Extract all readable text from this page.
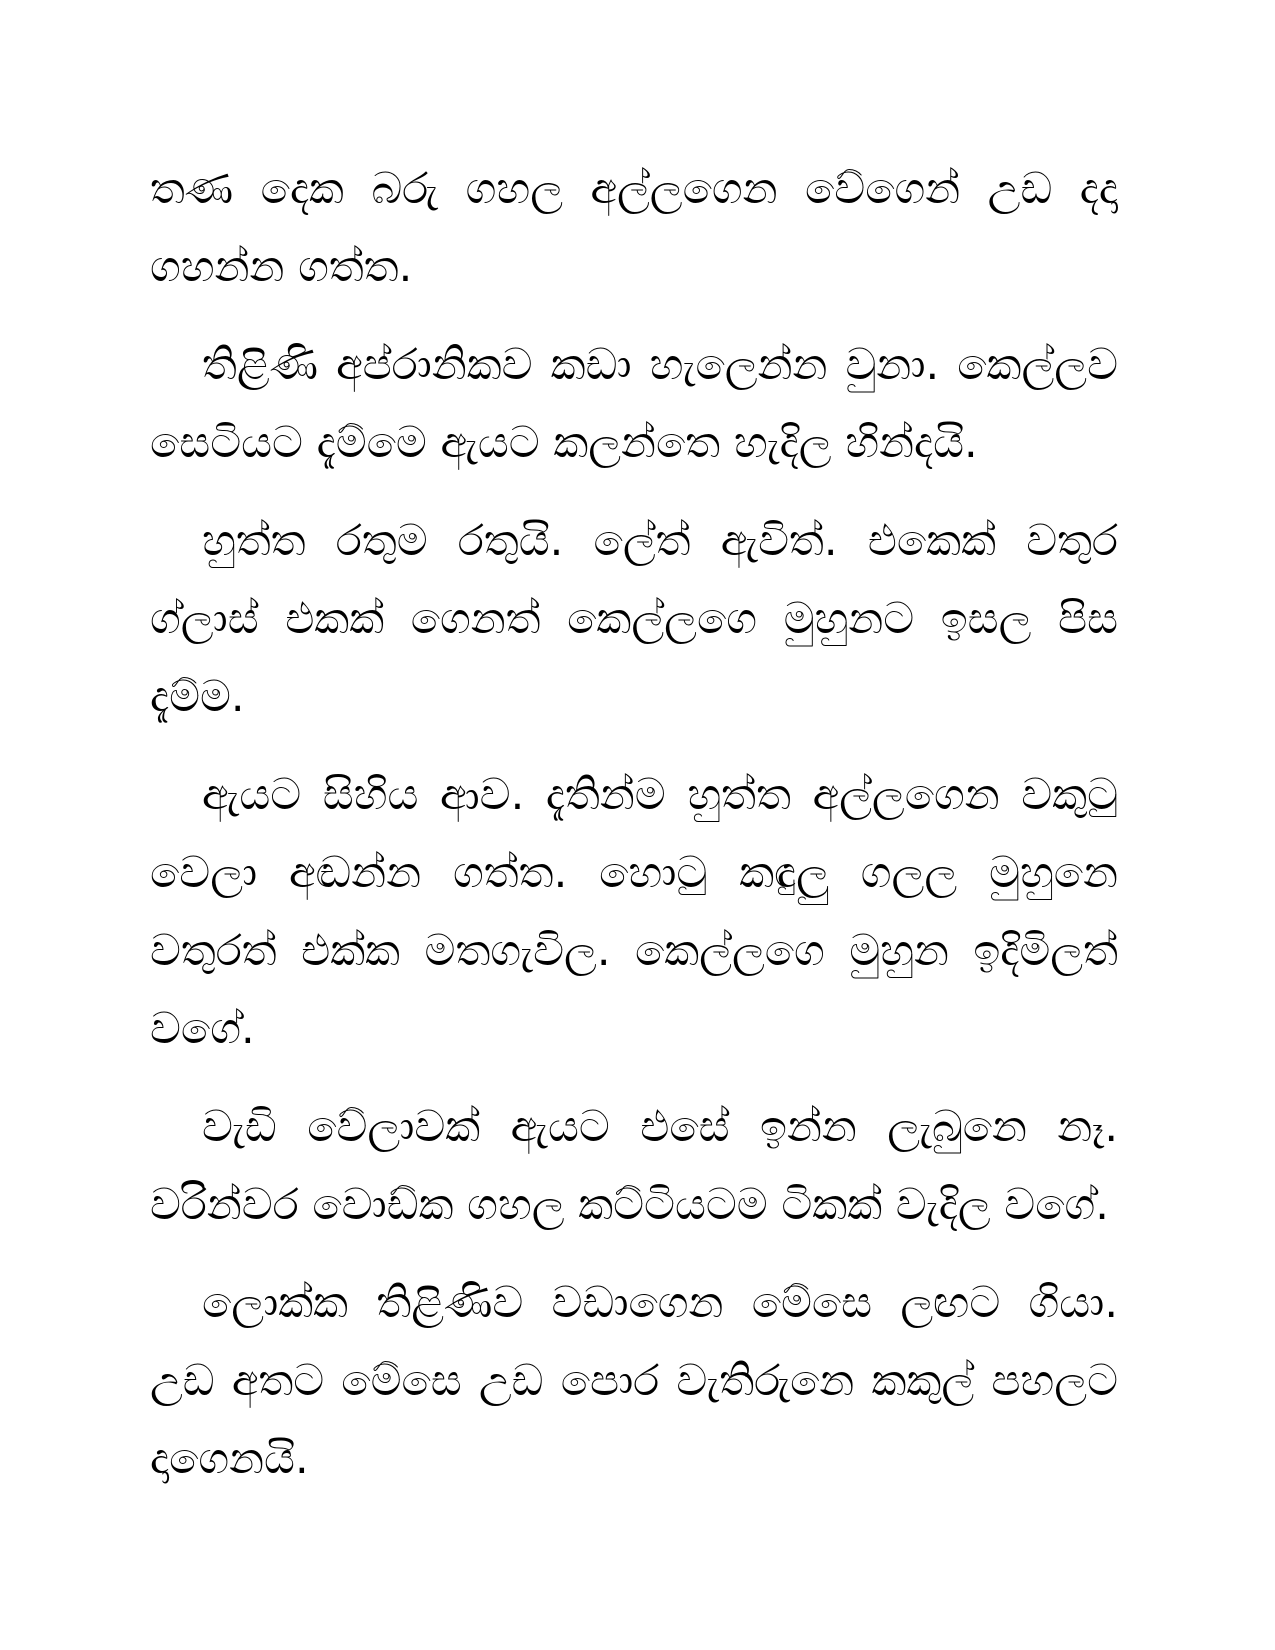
තණ දෙක බරු ගහල අල්ලගෙන වේගෙන් උඩ දදා ගහන්න ගත්ත.

තිළිණි අප්රානිකව කඩා හැලෙන්න වුනා. කෙල්ලව සෙටියට දැම්මෙ ඇයට කලන්තෙ හැදිල හින්දයි.

හුත්ත රතුම රතුයි. ලේත් ඇවිත්. එකෙක් වතුර ග්ලාස් එකක් ගෙනත් කෙල්ලගෙ මුහුනට ඉසල පිස දැම්ම.

ඇයට සිහිය ආව. දැතින්ම හුත්ත අල්ලගෙන වකුටු වෙලා අඬන්න ගත්ත. හොටු කඳුලු ගලල මුහුනෙ වතුරත් එක්ක මතගැවිල. කෙල්ලගෙ මුහුන ඉදිමිලත් වගේ.

වැඩි වේලාවක් ඇයට එසේ ඉන්න ලැබුනෙ නෑ. වරින්වර වොඩ්ක ගහල කට්ටියටම ටිකක් වැදිල වගේ.

ලොක්ක තිළිණිව වඩාගෙන මේසෙ ලඟට ගියා. උඩ අතට මේසෙ උඩ පොර වැතිරුනෙ කකුල් පහලට දාගෙනයි.
